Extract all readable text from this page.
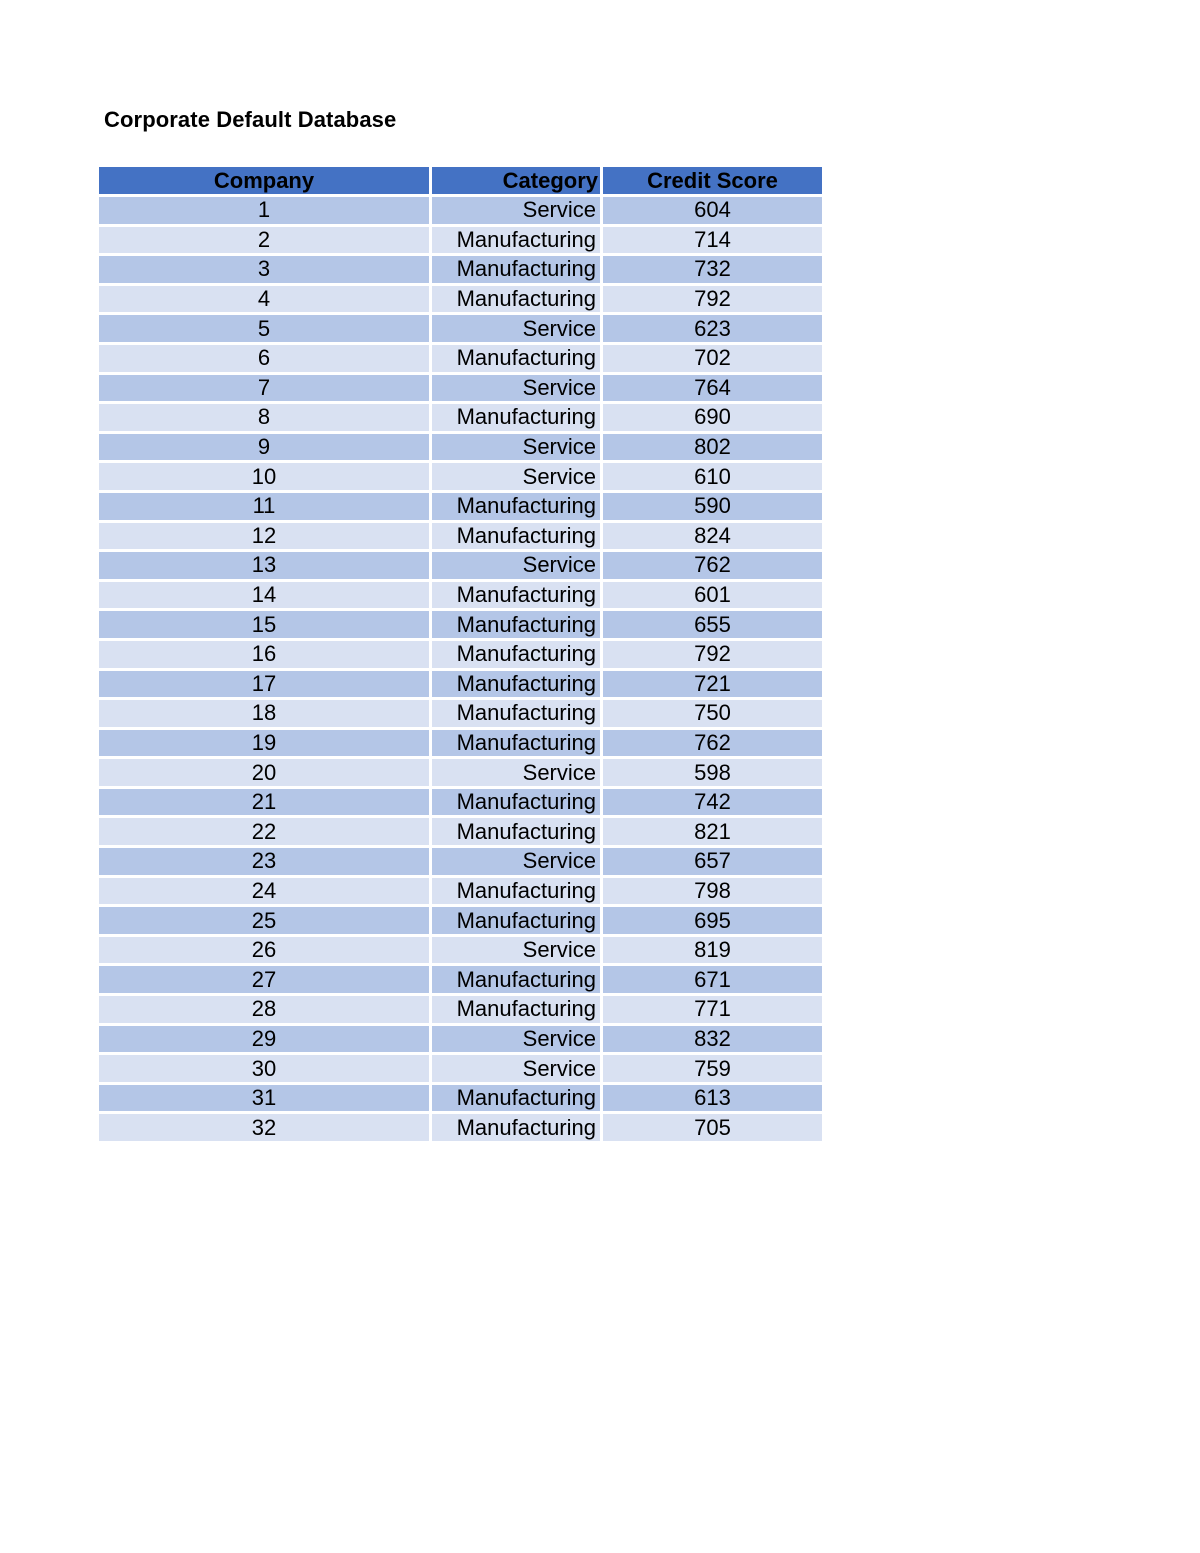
Corporate Default Database
Company	Category	Credit Score
1	Service	604
2	Manufacturing	714
3	Manufacturing	732
4	Manufacturing	792
5	Service	623
6	Manufacturing	702
7	Service	764
8	Manufacturing	690
9	Service	802
10	Service	610
11	Manufacturing	590
12	Manufacturing	824
13	Service	762
14	Manufacturing	601
15	Manufacturing	655
16	Manufacturing	792
17	Manufacturing	721
18	Manufacturing	750
19	Manufacturing	762
20	Service	598
21	Manufacturing	742
22	Manufacturing	821
23	Service	657
24	Manufacturing	798
25	Manufacturing	695
26	Service	819
27	Manufacturing	671
28	Manufacturing	771
29	Service	832
30	Service	759
31	Manufacturing	613
32	Manufacturing	705
